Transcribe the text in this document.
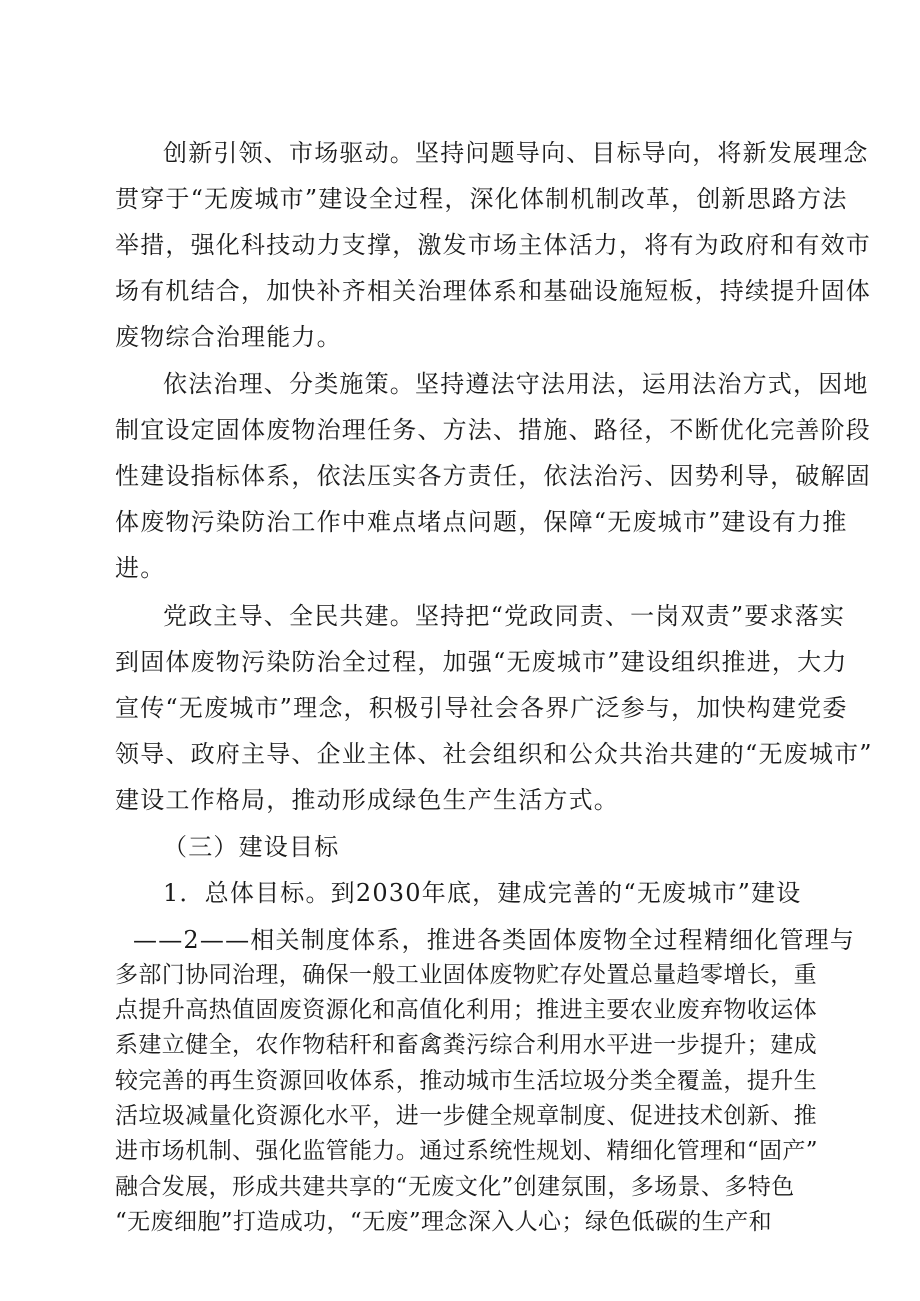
创新引领、市场驱动。坚持问题导向、目标导向，将新发展理念
贯穿于“无废城市”建设全过程，深化体制机制改革，创新思路方法
举措，强化科技动力支撑，激发市场主体活力，将有为政府和有效市
场有机结合，加快补齐相关治理体系和基础设施短板，持续提升固体
废物综合治理能力。
依法治理、分类施策。坚持遵法守法用法，运用法治方式，因地
制宜设定固体废物治理任务、方法、措施、路径，不断优化完善阶段
性建设指标体系，依法压实各方责任，依法治污、因势利导，破解固
体废物污染防治工作中难点堵点问题，保障“无废城市”建设有力推
进。
党政主导、全民共建。坚持把“党政同责、一岗双责”要求落实
到固体废物污染防治全过程，加强“无废城市”建设组织推进，大力
宣传“无废城市”理念，积极引导社会各界广泛参与，加快构建党委
领导、政府主导、企业主体、社会组织和公众共治共建的“无废城市”
建设工作格局，推动形成绿色生产生活方式。
（三）建设目标
1．总体目标。到2030年底，建成完善的“无废城市”建设
——2——相关制度体系，推进各类固体废物全过程精细化管理与
多部门协同治理，确保一般工业固体废物贮存处置总量趋零增长，重
点提升高热值固废资源化和高值化利用；推进主要农业废弃物收运体
系建立健全，农作物秸秆和畜禽粪污综合利用水平进一步提升；建成
较完善的再生资源回收体系，推动城市生活垃圾分类全覆盖，提升生
活垃圾减量化资源化水平，进一步健全规章制度、促进技术创新、推
进市场机制、强化监管能力。通过系统性规划、精细化管理和“固产”
融合发展，形成共建共享的“无废文化”创建氛围，多场景、多特色
“无废细胞”打造成功，“无废”理念深入人心；绿色低碳的生产和
